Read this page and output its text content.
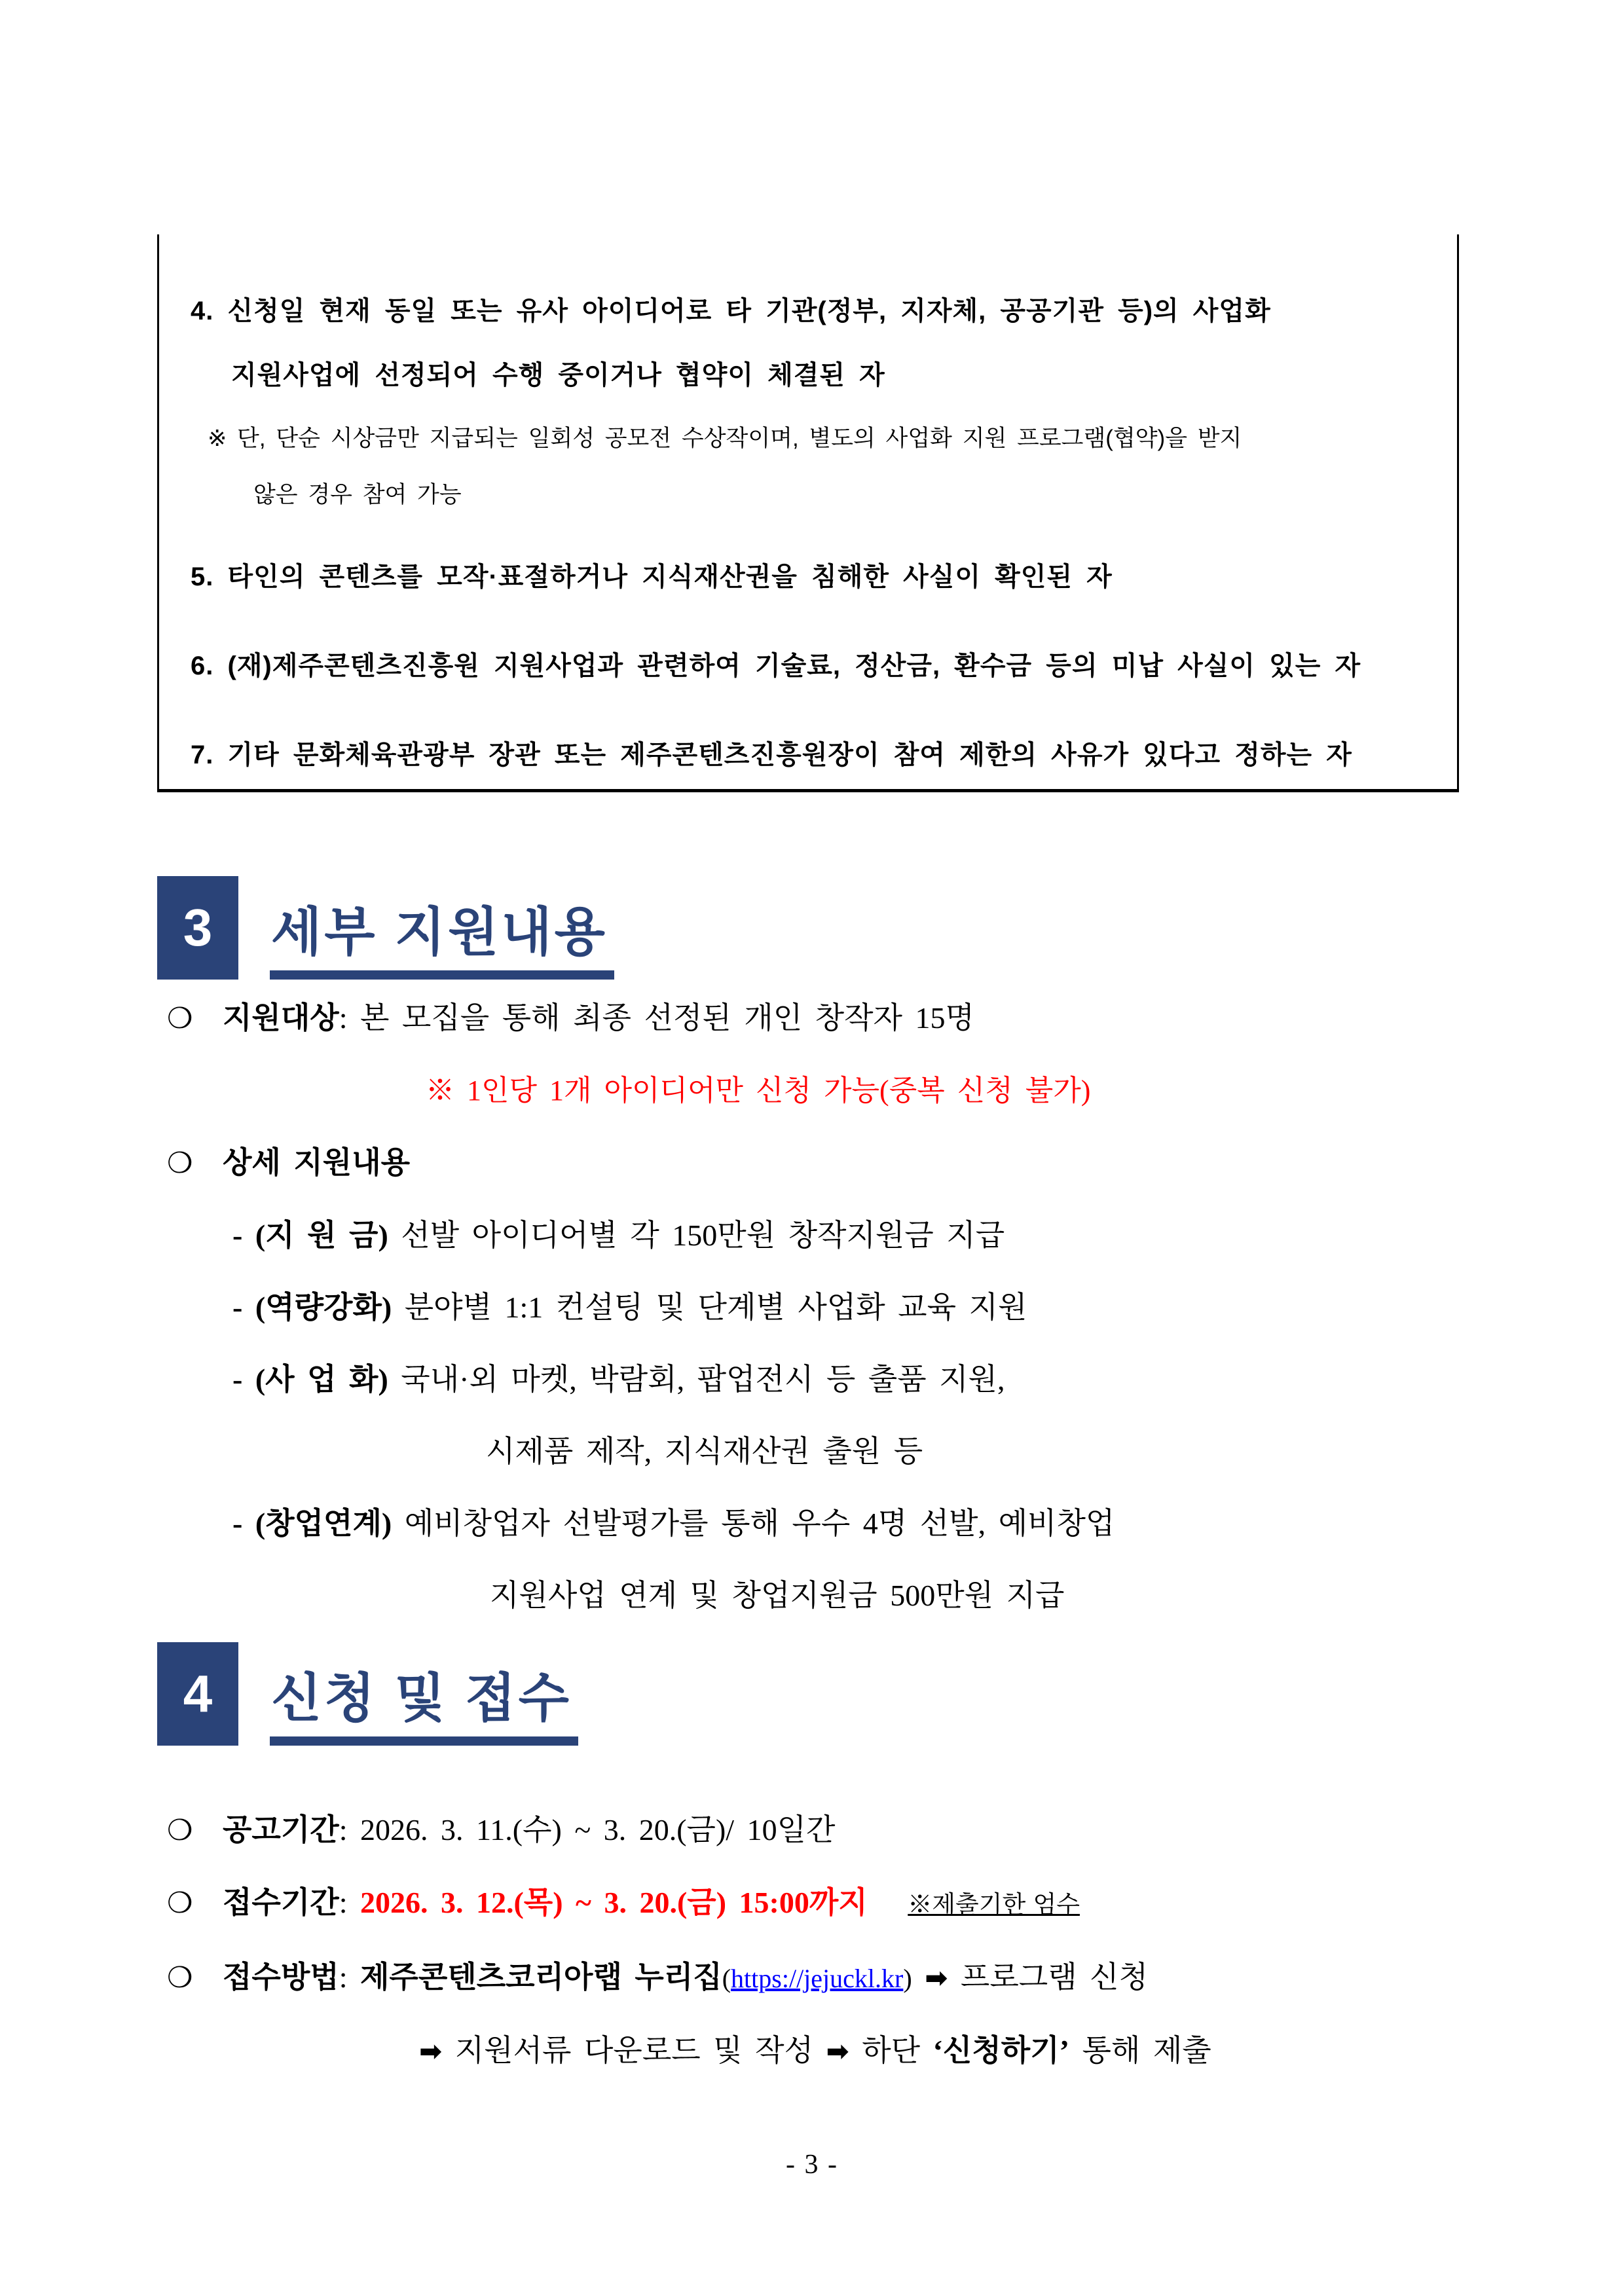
4. 신청일 현재 동일 또는 유사 아이디어로 타 기관(정부, 지자체, 공공기관 등)의 사업화
지원사업에 선정되어 수행 중이거나 협약이 체결된 자
※ 단, 단순 시상금만 지급되는 일회성 공모전 수상작이며, 별도의 사업화 지원 프로그램(협약)을 받지
않은 경우 참여 가능
5. 타인의 콘텐츠를 모작·표절하거나 지식재산권을 침해한 사실이 확인된 자
6. (재)제주콘텐츠진흥원 지원사업과 관련하여 기술료, 정산금, 환수금 등의 미납 사실이 있는 자
7. 기타 문화체육관광부 장관 또는 제주콘텐츠진흥원장이 참여 제한의 사유가 있다고 정하는 자
3	세부 지원내용
❍ 지원대상: 본 모집을 통해 최종 선정된 개인 창작자 15명
※ 1인당 1개 아이디어만 신청 가능(중복 신청 불가)
❍ 상세 지원내용
- (지 원 금) 선발 아이디어별 각 150만원 창작지원금 지급
- (역량강화) 분야별 1:1 컨설팅 및 단계별 사업화 교육 지원
- (사 업 화) 국내·외 마켓, 박람회, 팝업전시 등 출품 지원,
시제품 제작, 지식재산권 출원 등
- (창업연계) 예비창업자 선발평가를 통해 우수 4명 선발, 예비창업
지원사업 연계 및 창업지원금 500만원 지급
4	신청 및 접수
❍ 공고기간: 2026. 3. 11.(수) ~ 3. 20.(금)/ 10일간
❍ 접수기간: 2026. 3. 12.(목) ~ 3. 20.(금) 15:00까지 ※제출기한 엄수
❍ 접수방법: 제주콘텐츠코리아랩 누리집(https://jejuckl.kr) ➡ 프로그램 신청
➡ 지원서류 다운로드 및 작성 ➡ 하단 ‘신청하기’ 통해 제출
- 3 -
